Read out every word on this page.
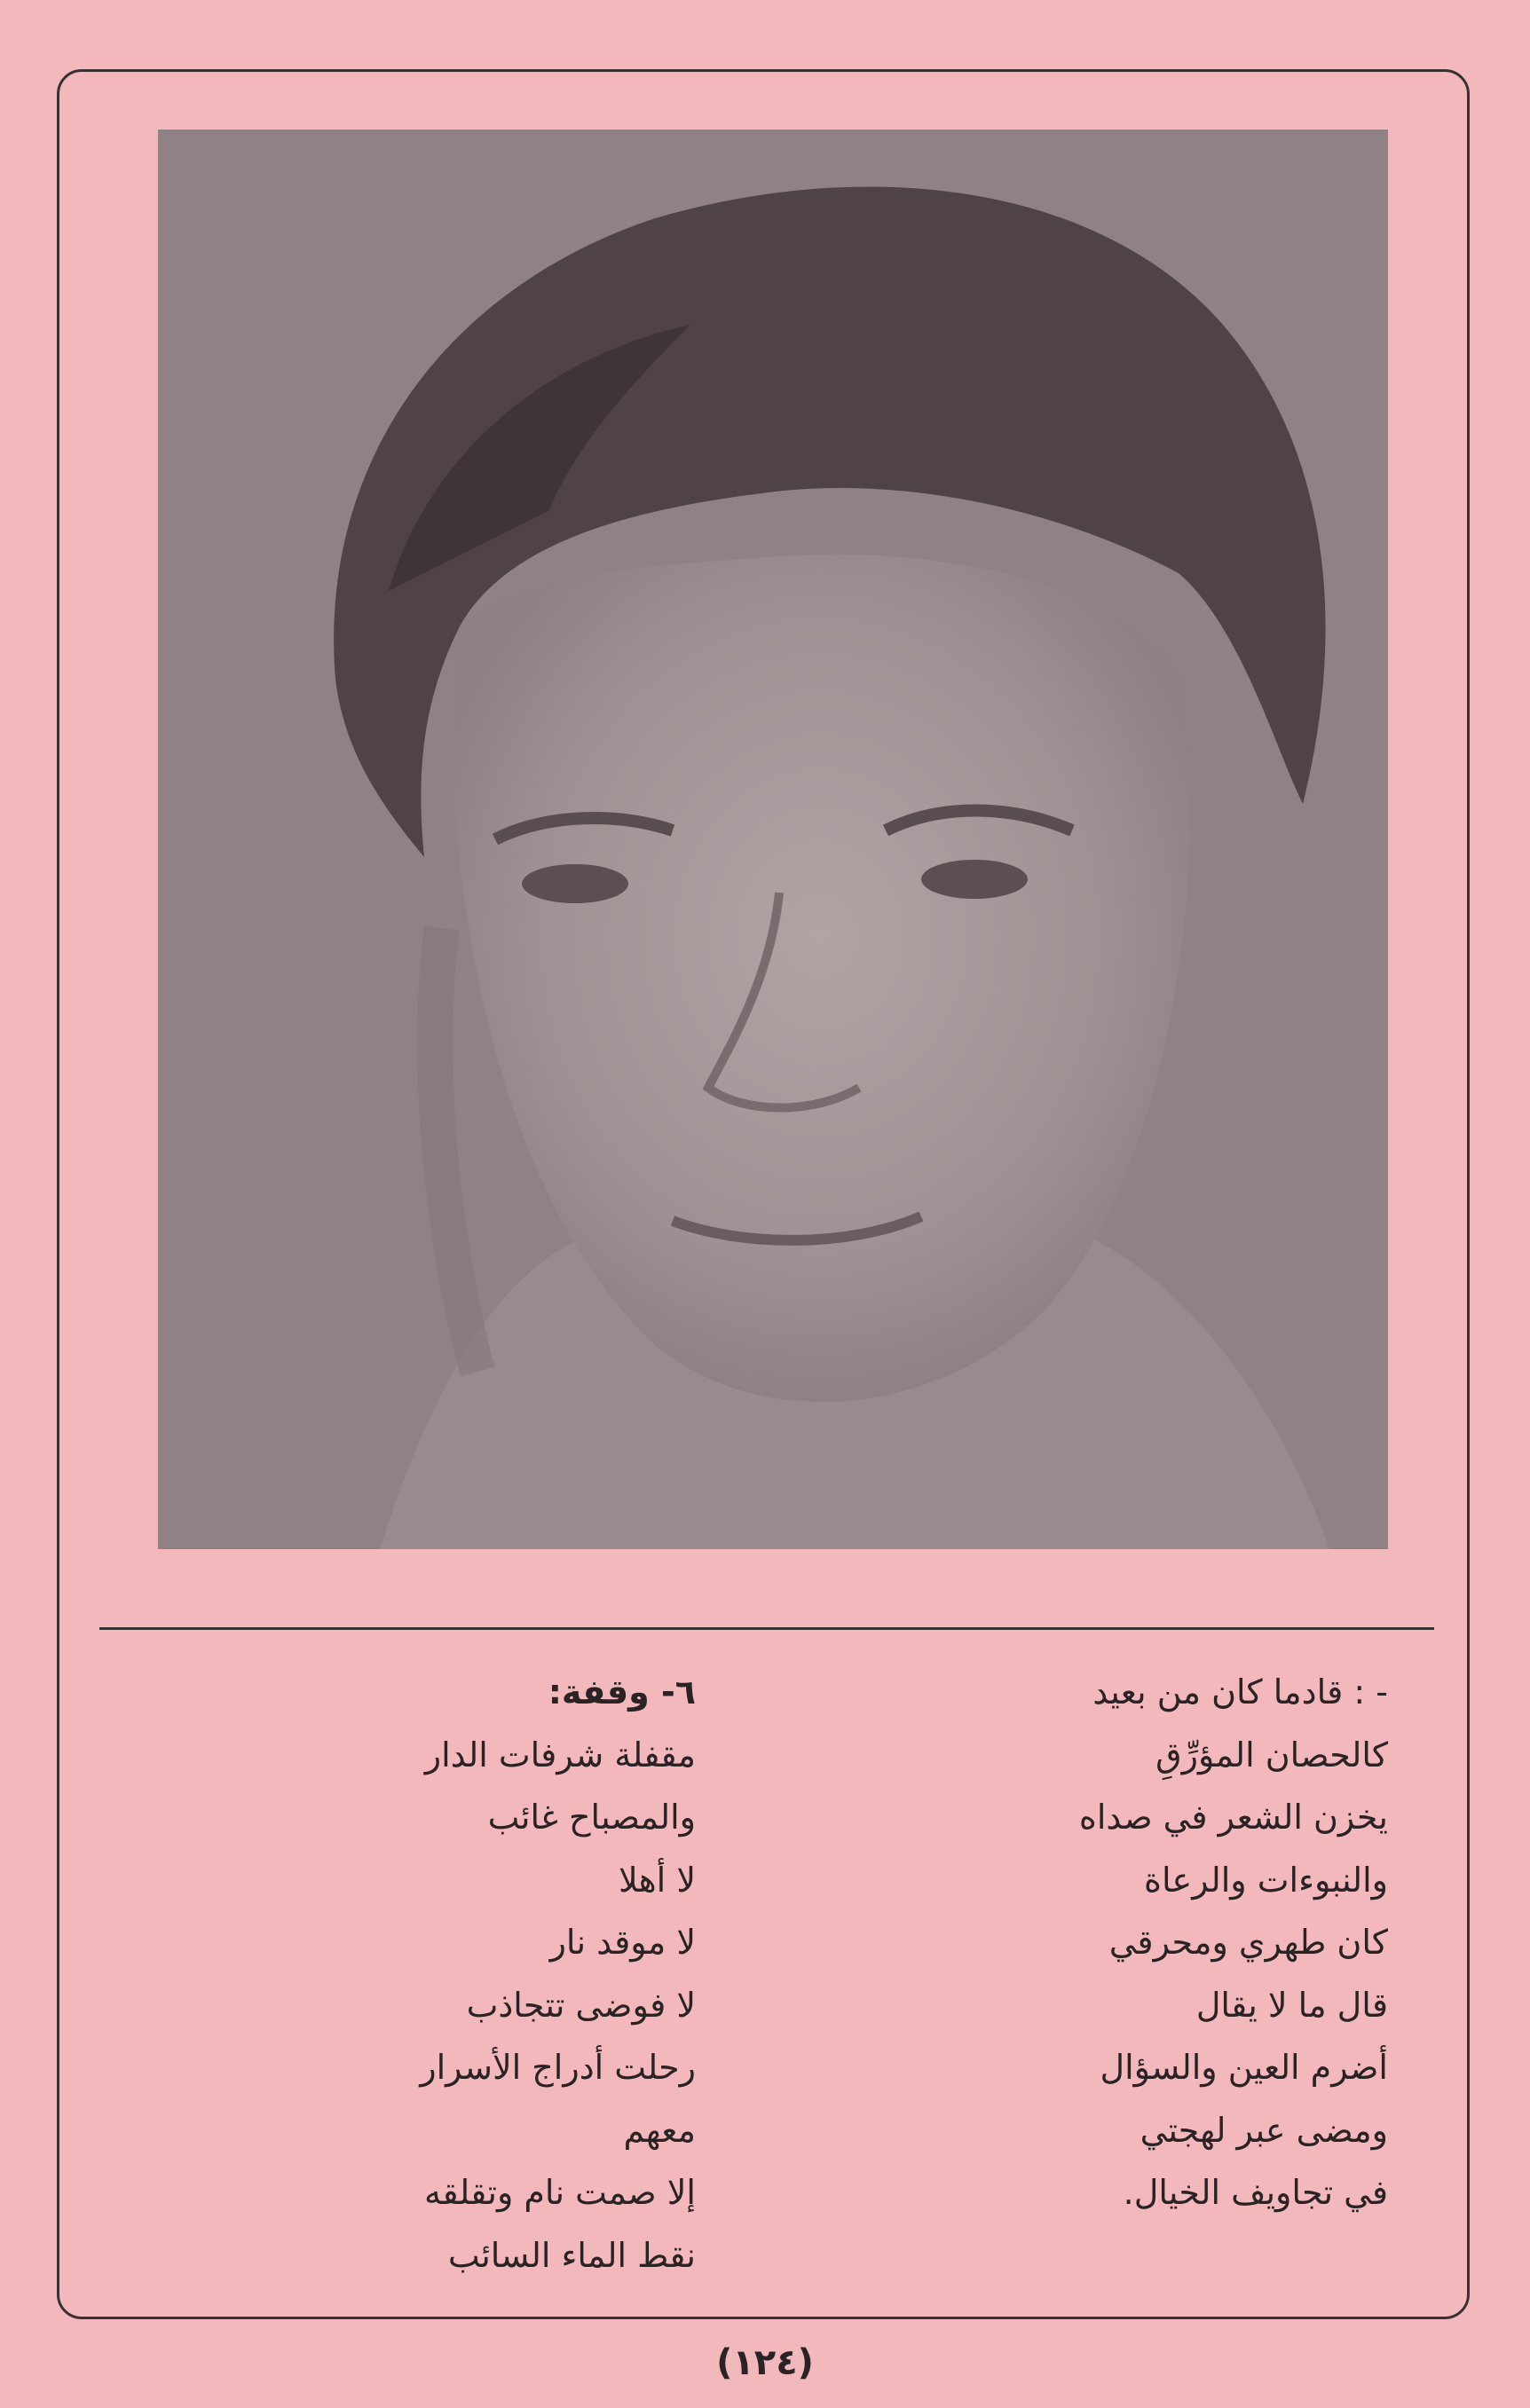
- : قادما كان من بعيد
كالحصان المؤرِّقِ
يخزن الشعر في صداه
والنبوءات والرعاة
كان طهري ومحرقي
قال ما لا يقال
أضرم العين والسؤال
ومضى عبر لهجتي
في تجاويف الخيال.
٦- وقفة:
مقفلة شرفات الدار
والمصباح غائب
لا أهلا
لا موقد نار
لا فوضى تتجاذب
رحلت أدراج الأسرار
معهم
إلا صمت نام وتقلقه
نقط الماء السائب
(١٢٤)
